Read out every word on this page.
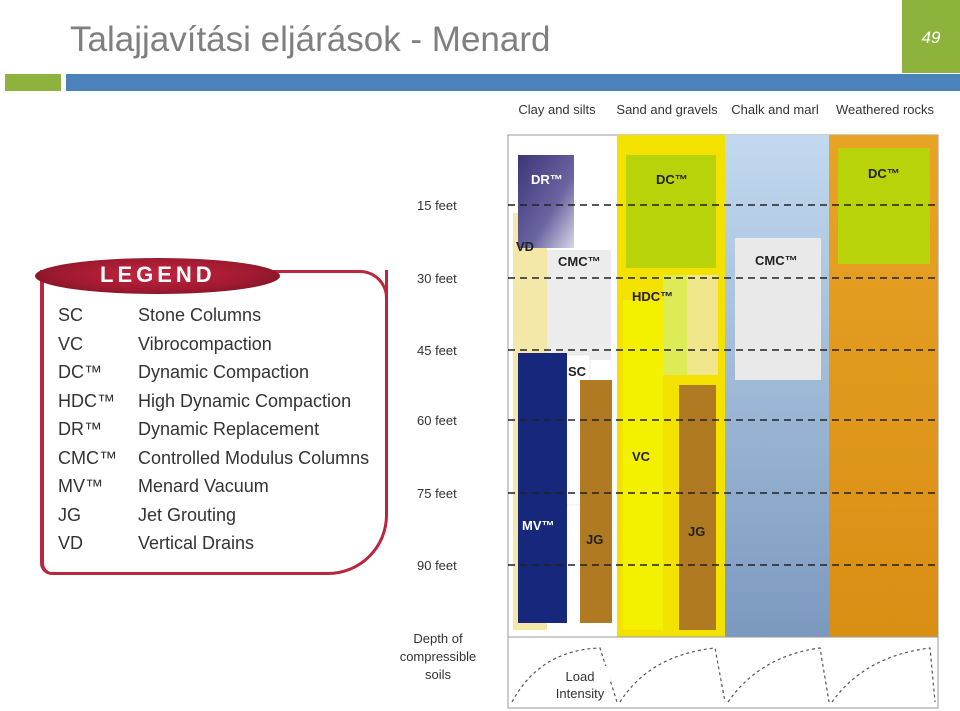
Talajjavítási eljárások - Menard	49
LEGEND
SC	Stone Columns
VC	Vibrocompaction
DC™ Dynamic Compaction
HDC™ High Dynamic Compaction
DR™ Dynamic Replacement
CMC™ Controlled Modulus Columns
MV™ Menard Vacuum
JG	Jet Grouting
VD	Vertical Drains
Clay and silts Sand and gravels Chalk and marl Weathered rocks
DR™
VD
CMC™
SC
MV™
JG
DC™
HDC™
VC
JG
CMC™
DC™
15 feet
30 feet
45 feet
60 feet
75 feet
90 feet
Depth of
compressible
soils	Load
Intensity
